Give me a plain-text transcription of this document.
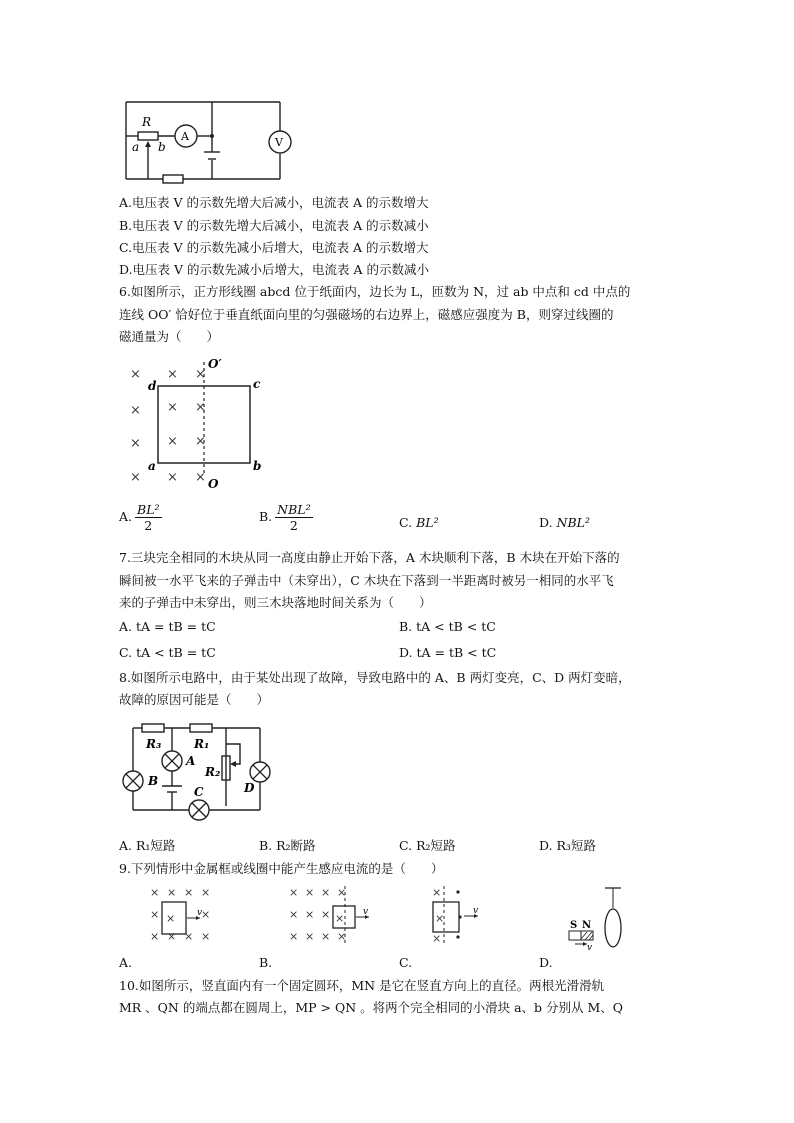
R
a b
A	V
A.电压表 V 的示数先增大后减小，电流表 A 的示数增大
B.电压表 V 的示数先增大后减小，电流表 A 的示数减小
C.电压表 V 的示数先减小后增大，电流表 A 的示数增大
D.电压表 V 的示数先减小后增大，电流表 A 的示数减小
6.如图所示，正方形线圈 abcd 位于纸面内，边长为 L，匝数为 N，过 ab 中点和 cd 中点的
连线 OO′ 恰好位于垂直纸面向里的匀强磁场的右边界上，磁感应强度为 B，则穿过线圈的
磁通量为（　　）
× × ×
× × ×
× × ×
× × ×
d	c
a	b
O′
O
A. $\frac{\text{BL²}}{2}$	B. $\frac{\text{NBL²}}{2}$	C. BL²	D. NBL²
7.三块完全相同的木块从同一高度由静止开始下落，A 木块顺利下落，B 木块在开始下落的
瞬间被一水平飞来的子弹击中（未穿出），C 木块在下落到一半距离时被另一相同的水平飞
来的子弹击中未穿出，则三木块落地时间关系为（　　）
A. tA = tB = tC	B. tA < tB < tC
C. tA < tB = tC	D. tA = tB < tC
8.如图所示电路中，由于某处出现了故障，导致电路中的 A、B 两灯变亮，C、D 两灯变暗，
故障的原因可能是（　　）
R₃	R₁
R₂
A
B
C	D
A. R₁短路	B. R₂断路	C. R₂短路	D. R₃短路
9.下列情形中金属框或线圈中能产生感应电流的是（　　）
× × × ×
×	×
× × × ×
× v
× × × ×
× × ×
× × × ×
× v
×
×
×
v
S N
v
A.	B.	C.	D.
10.如图所示，竖直面内有一个固定圆环，MN 是它在竖直方向上的直径。两根光滑滑轨
MR 、QN 的端点都在圆周上，MP > QN 。将两个完全相同的小滑块 a、b 分别从 M、Q
